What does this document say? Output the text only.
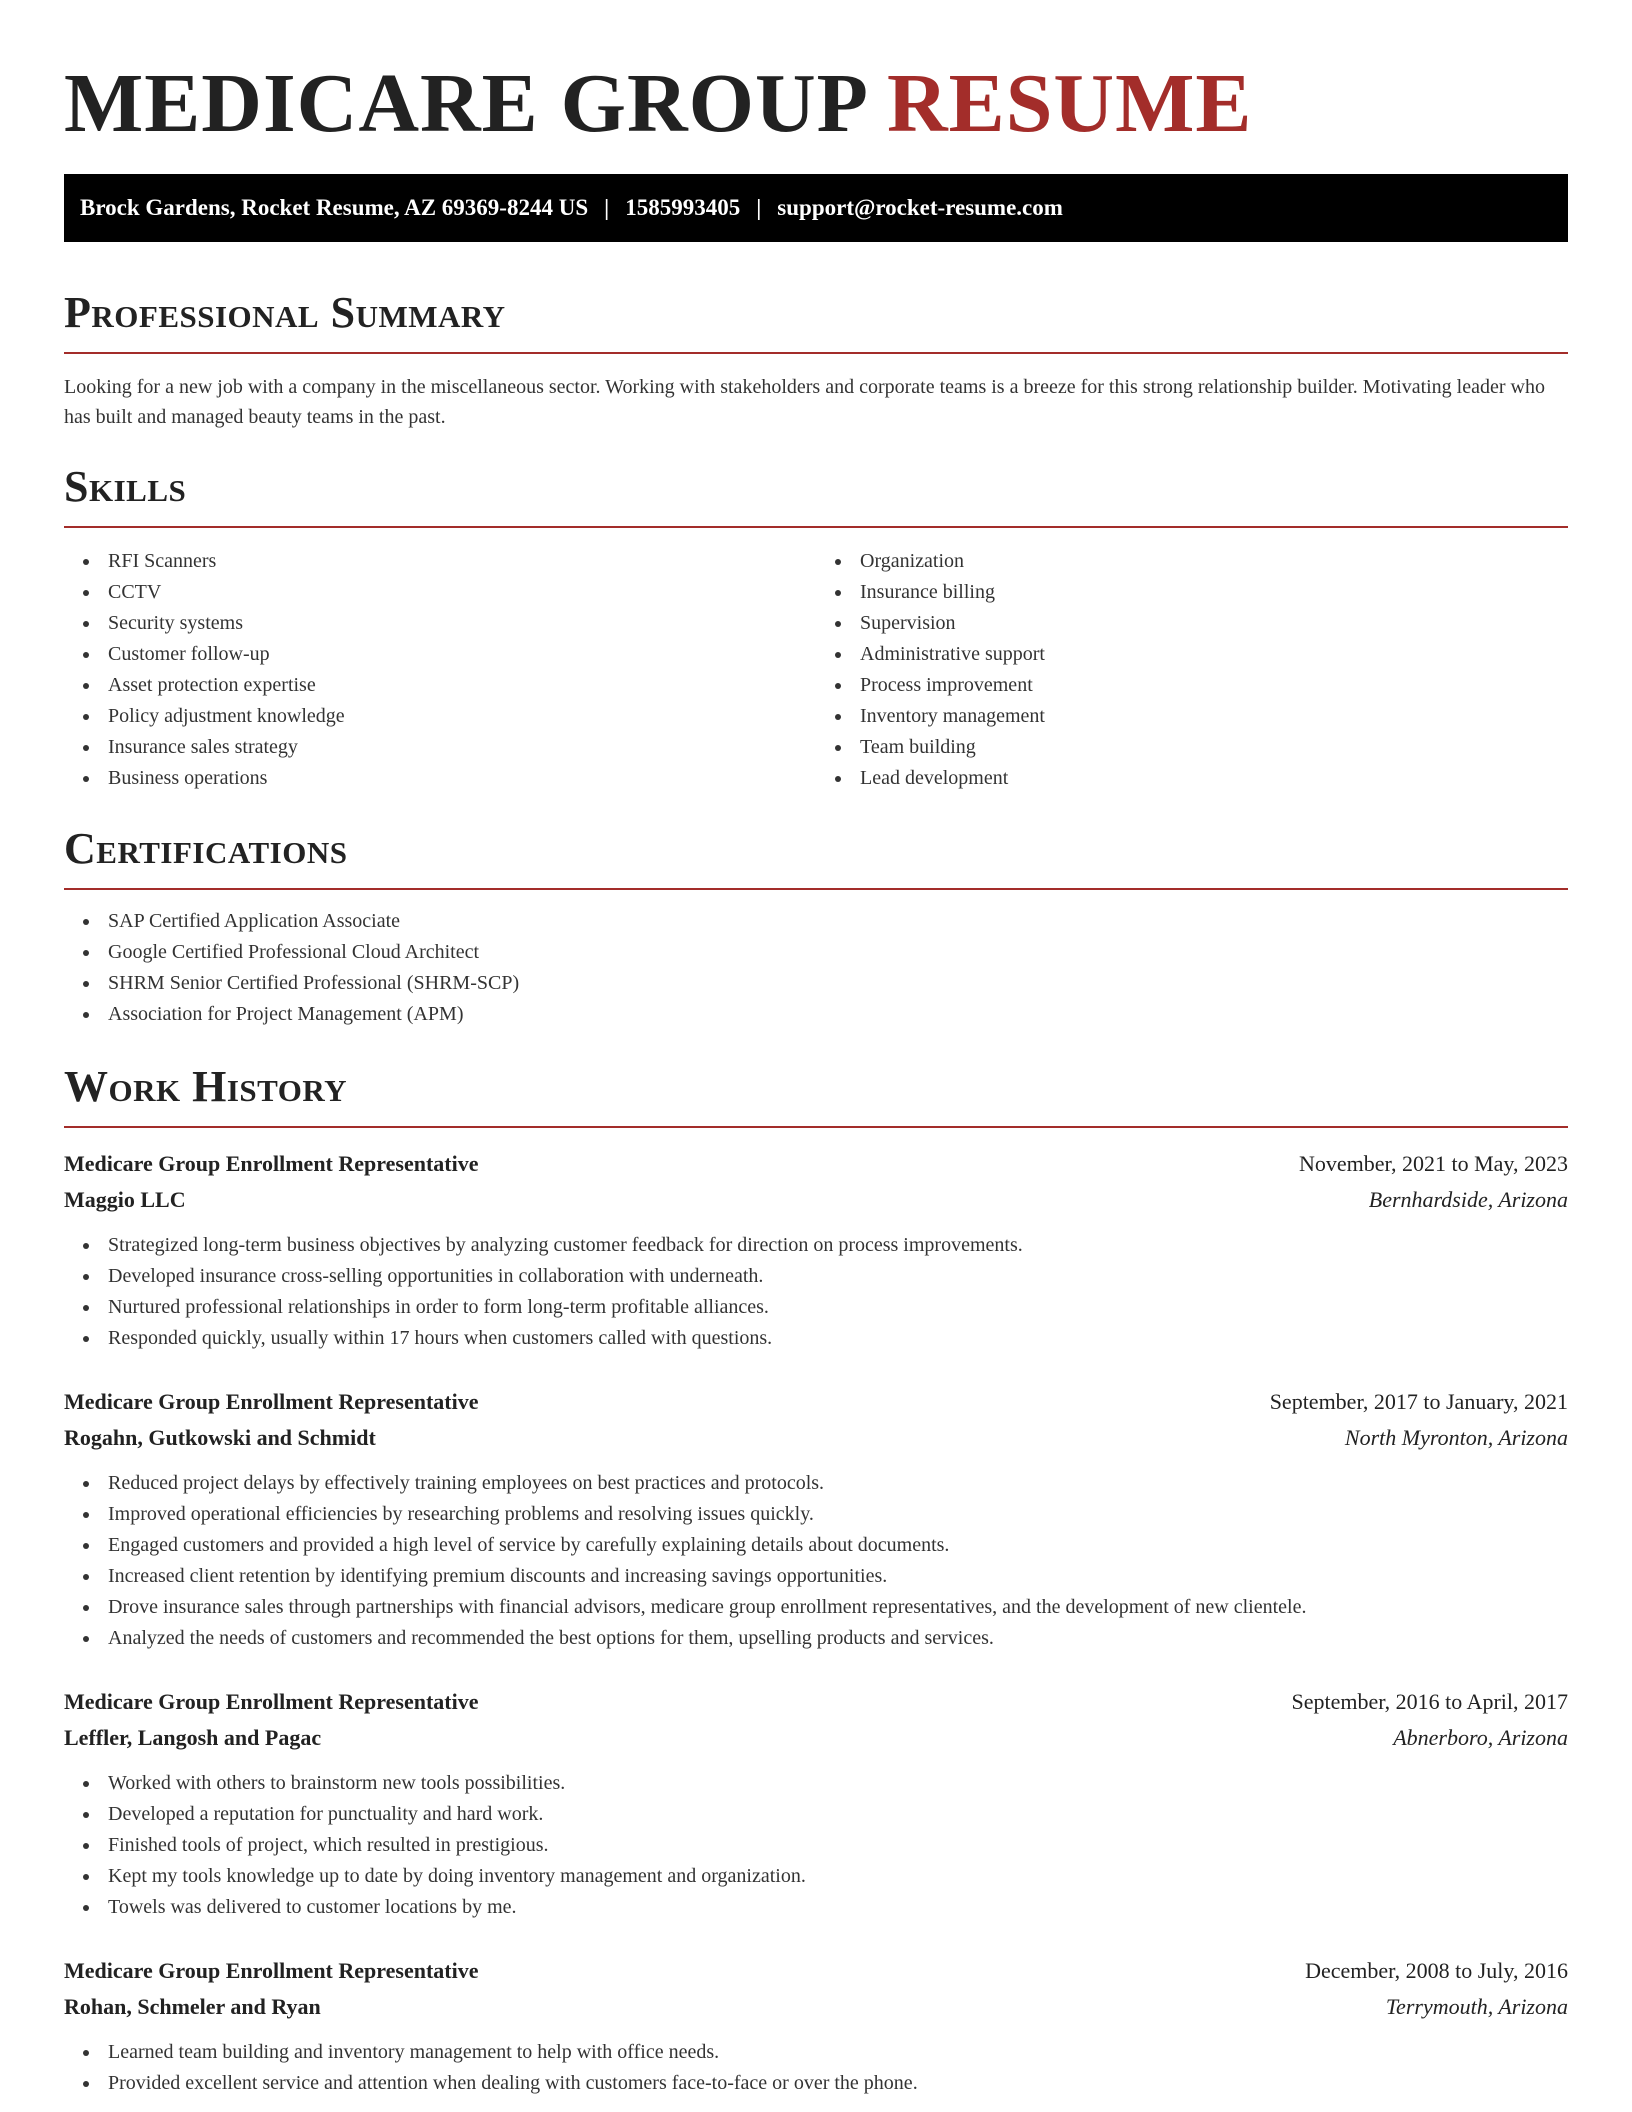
MEDICARE GROUP RESUME
Brock Gardens, Rocket Resume, AZ 69369-8244 US | 1585993405 | support@rocket-resume.com
Professional Summary

Looking for a new job with a company in the miscellaneous sector. Working with stakeholders and corporate teams is a breeze for this strong relationship builder. Motivating leader who has built and managed beauty teams in the past.

Skills
RFI Scanners
CCTV
Security systems
Customer follow-up
Asset protection expertise
Policy adjustment knowledge
Insurance sales strategy
Business operations
Organization
Insurance billing
Supervision
Administrative support
Process improvement
Inventory management
Team building
Lead development
Certifications
SAP Certified Application Associate
Google Certified Professional Cloud Architect
SHRM Senior Certified Professional (SHRM-SCP)
Association for Project Management (APM)
Work History
Medicare Group Enrollment Representative	November, 2021 to May, 2023
Maggio LLC	Bernhardside, Arizona
Strategized long-term business objectives by analyzing customer feedback for direction on process improvements.
Developed insurance cross-selling opportunities in collaboration with underneath.
Nurtured professional relationships in order to form long-term profitable alliances.
Responded quickly, usually within 17 hours when customers called with questions.
Medicare Group Enrollment Representative	September, 2017 to January, 2021
Rogahn, Gutkowski and Schmidt	North Myronton, Arizona
Reduced project delays by effectively training employees on best practices and protocols.
Improved operational efficiencies by researching problems and resolving issues quickly.
Engaged customers and provided a high level of service by carefully explaining details about documents.
Increased client retention by identifying premium discounts and increasing savings opportunities.
Drove insurance sales through partnerships with financial advisors, medicare group enrollment representatives, and the development of new clientele.
Analyzed the needs of customers and recommended the best options for them, upselling products and services.
Medicare Group Enrollment Representative	September, 2016 to April, 2017
Leffler, Langosh and Pagac	Abnerboro, Arizona
Worked with others to brainstorm new tools possibilities.
Developed a reputation for punctuality and hard work.
Finished tools of project, which resulted in prestigious.
Kept my tools knowledge up to date by doing inventory management and organization.
Towels was delivered to customer locations by me.
Medicare Group Enrollment Representative	December, 2008 to July, 2016
Rohan, Schmeler and Ryan	Terrymouth, Arizona
Learned team building and inventory management to help with office needs.
Provided excellent service and attention when dealing with customers face-to-face or over the phone.
